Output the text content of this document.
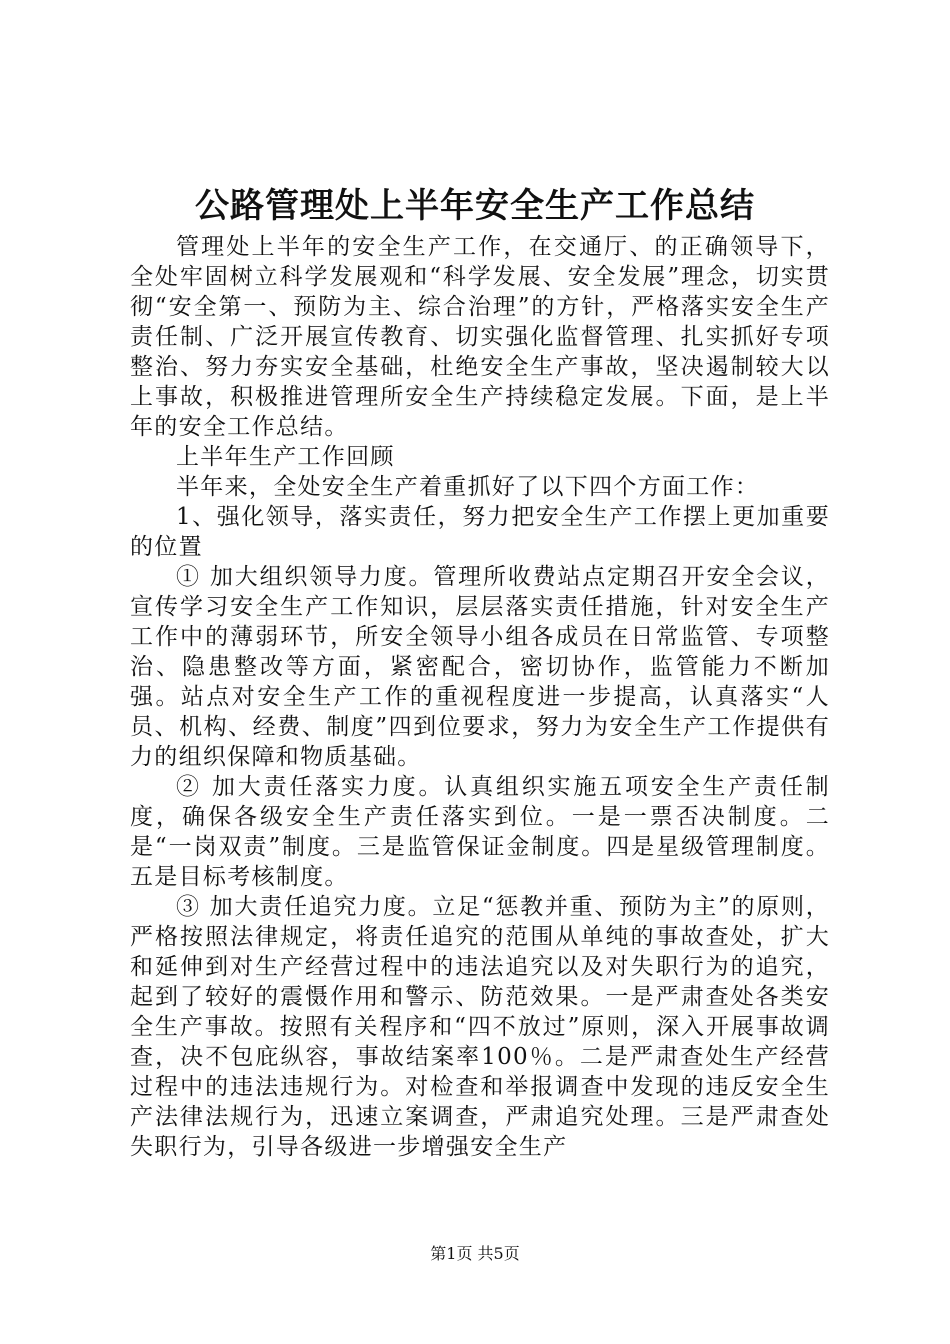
公路管理处上半年安全生产工作总结

管理处上半年的安全生产工作，在交通厅、的正确领导下，全处牢固树立科学发展观和“科学发展、安全发展”理念，切实贯彻“安全第一、预防为主、综合治理”的方针，严格落实安全生产责任制、广泛开展宣传教育、切实强化监督管理、扎实抓好专项整治、努力夯实安全基础，杜绝安全生产事故，坚决遏制较大以上事故，积极推进管理所安全生产持续稳定发展。下面，是上半年的安全工作总结。

上半年生产工作回顾

半年来，全处安全生产着重抓好了以下四个方面工作：

1、强化领导，落实责任，努力把安全生产工作摆上更加重要的位置

① 加大组织领导力度。管理所收费站点定期召开安全会议，宣传学习安全生产工作知识，层层落实责任措施，针对安全生产工作中的薄弱环节，所安全领导小组各成员在日常监管、专项整治、隐患整改等方面，紧密配合，密切协作，监管能力不断加强。站点对安全生产工作的重视程度进一步提高，认真落实“人员、机构、经费、制度”四到位要求，努力为安全生产工作提供有力的组织保障和物质基础。

② 加大责任落实力度。认真组织实施五项安全生产责任制度，确保各级安全生产责任落实到位。一是一票否决制度。二是“一岗双责”制度。三是监管保证金制度。四是星级管理制度。五是目标考核制度。

③ 加大责任追究力度。立足“惩教并重、预防为主”的原则，严格按照法律规定，将责任追究的范围从单纯的事故查处，扩大和延伸到对生产经营过程中的违法追究以及对失职行为的追究，起到了较好的震慑作用和警示、防范效果。一是严肃查处各类安全生产事故。按照有关程序和“四不放过”原则，深入开展事故调查，决不包庇纵容，事故结案率100％。二是严肃查处生产经营过程中的违法违规行为。对检查和举报调查中发现的违反安全生产法律法规行为，迅速立案调查，严肃追究处理。三是严肃查处失职行为，引导各级进一步增强安全生产

第1页 共5页
